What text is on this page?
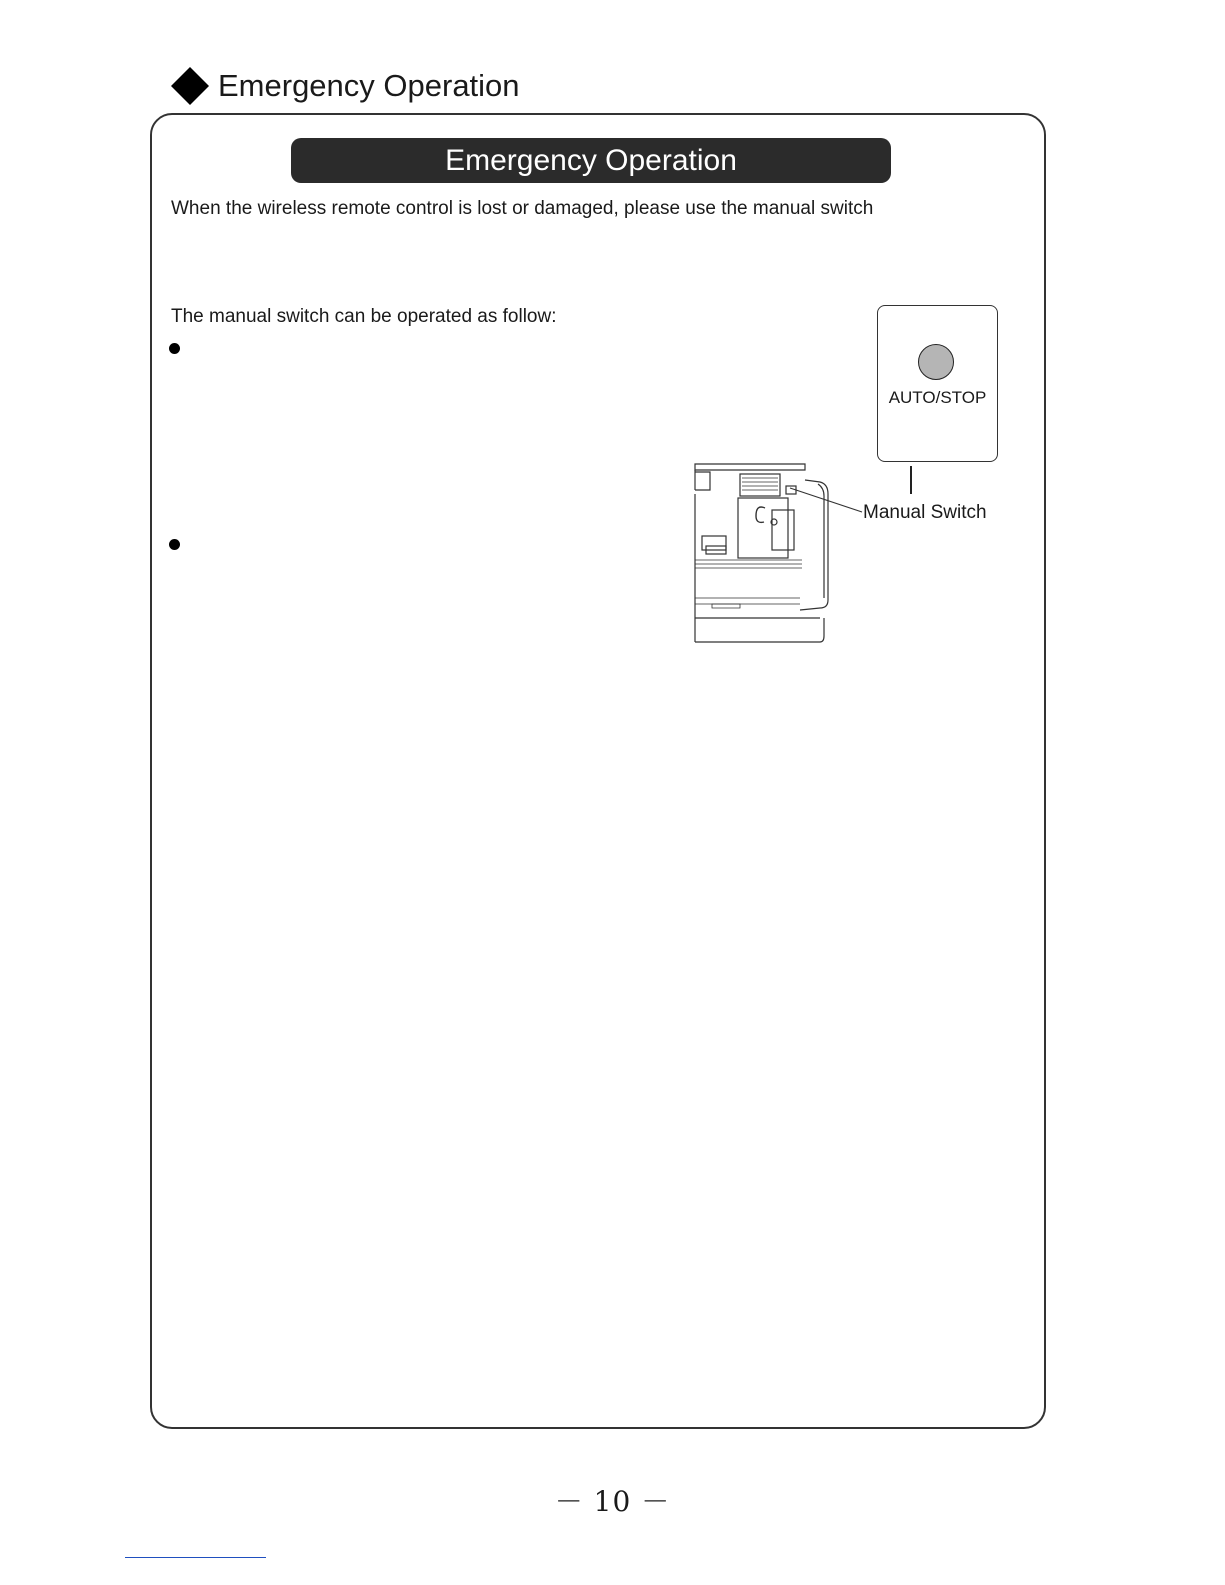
Emergency Operation
Emergency Operation
When the wireless remote control is lost or damaged, please use the manual switch
The manual switch can be operated as follow:
AUTO/STOP
Manual Switch
－ 10 －
